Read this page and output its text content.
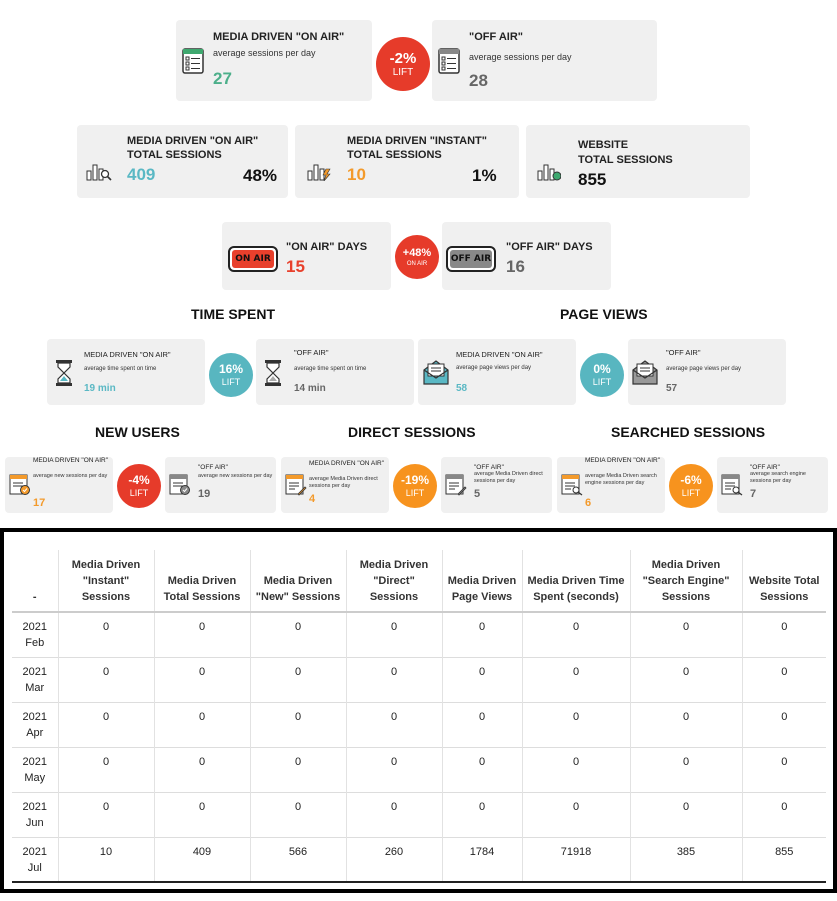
MEDIA DRIVEN "ON AIR"
average sessions per day
27
-2%
LIFT
"OFF AIR"
average sessions per day
28
MEDIA DRIVEN "ON AIR"
TOTAL SESSIONS
409	48%
MEDIA DRIVEN "INSTANT"
TOTAL SESSIONS
10	1%
WEBSITE
TOTAL SESSIONS
855
ON AIR
"ON AIR" DAYS
15
+48%
ON AIR	OFF AIR
"OFF AIR" DAYS
16
TIME SPENT	PAGE VIEWS
MEDIA DRIVEN "ON AIR"
average time spent on time
19 min
16%
LIFT
"OFF AIR"
average time spent on time
14 min
MEDIA DRIVEN "ON AIR"
average page views per day
58
0%
LIFT
"OFF AIR"
average page views per day
57
NEW USERS	DIRECT SESSIONS	SEARCHED SESSIONS
MEDIA DRIVEN "ON AIR"
average new sessions per day
17
-4%
LIFT
"OFF AIR"
average new sessions per day
19
MEDIA DRIVEN "ON AIR"
average Media Driven direct sessions per day
4
-19%
LIFT
"OFF AIR"
average Media Driven direct sessions per day
5
MEDIA DRIVEN "ON AIR"
average Media Driven search engine sessions per day
6
-6%
LIFT
"OFF AIR"
average search engine sessions per day
7
-	Media Driven "Instant" Sessions	Media Driven Total Sessions	Media Driven "New" Sessions	Media Driven "Direct" Sessions	Media Driven Page Views	Media Driven Time Spent (seconds)	Media Driven "Search Engine" Sessions	Website Total Sessions
2021 Feb	0	0	0	0	0	0	0	0
2021 Mar	0	0	0	0	0	0	0	0
2021 Apr	0	0	0	0	0	0	0	0
2021 May	0	0	0	0	0	0	0	0
2021 Jun	0	0	0	0	0	0	0	0
2021 Jul	10	409	566	260	1784	71918	385	855
